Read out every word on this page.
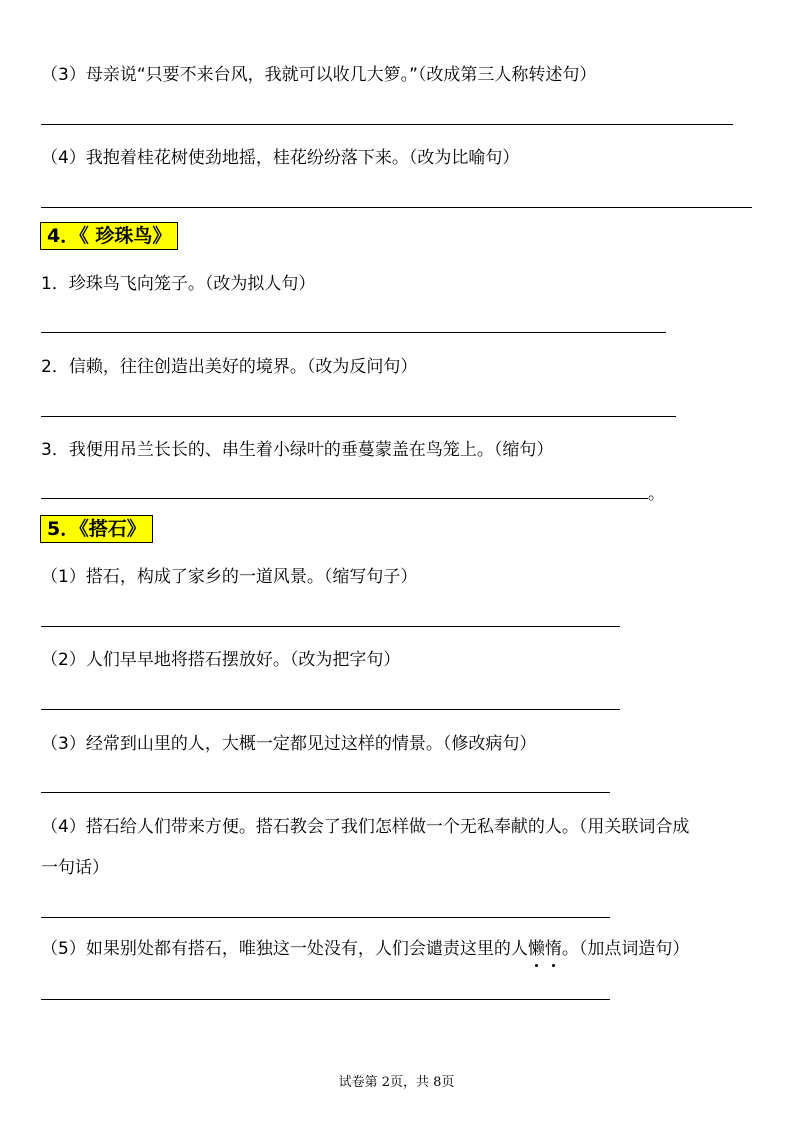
（3）母亲说“只要不来台风，我就可以收几大箩。”（改成第三人称转述句）
（4）我抱着桂花树使劲地摇，桂花纷纷落下来。（改为比喻句）
4．《 珍珠鸟》
1．珍珠鸟飞向笼子。（改为拟人句）
2．信赖，往往创造出美好的境界。（改为反问句）
3．我便用吊兰长长的、串生着小绿叶的垂蔓蒙盖在鸟笼上。（缩句）
。
5．《搭石》
（1）搭石，构成了家乡的一道风景。（缩写句子）
（2）人们早早地将搭石摆放好。（改为把字句）
（3）经常到山里的人，大概一定都见过这样的情景。（修改病句）
（4）搭石给人们带来方便。搭石教会了我们怎样做一个无私奉献的人。（用关联词合成
一句话）
（5）如果别处都有搭石，唯独这一处没有，人们会谴责这里的人懒惰。（加点词造句）
试卷第 2页，共 8页
